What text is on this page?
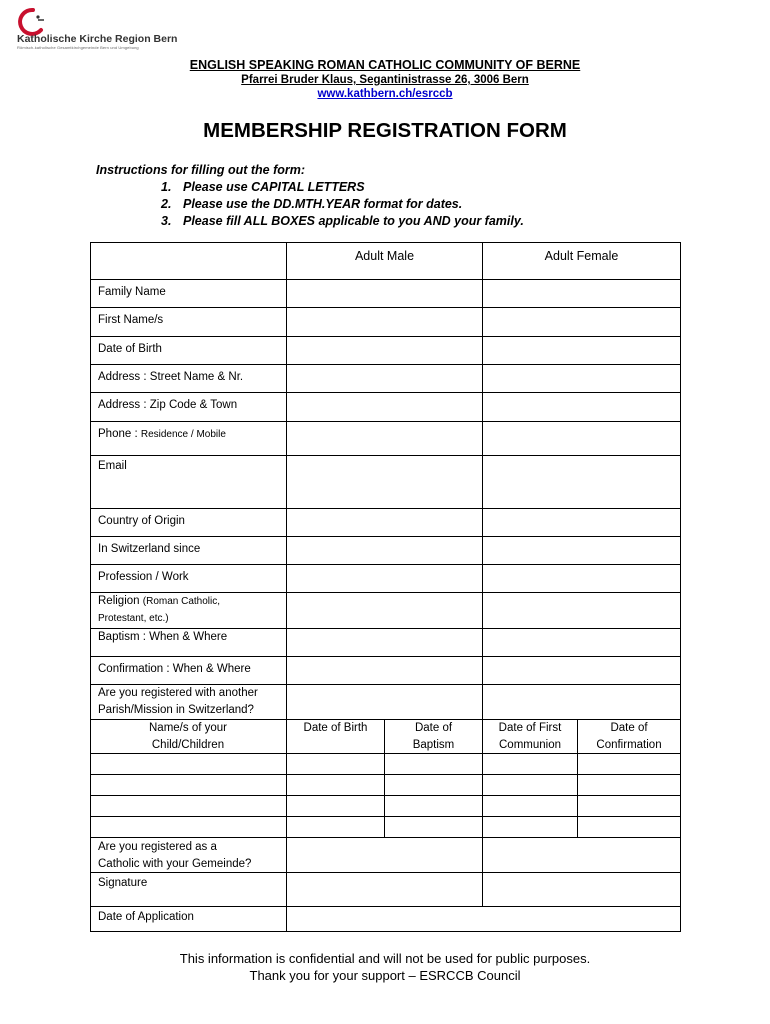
Katholische Kirche Region Bern
Römisch-katholische Gesamtkirchgemeinde Bern und Umgebung
ENGLISH SPEAKING ROMAN CATHOLIC COMMUNITY OF BERNE
Pfarrei Bruder Klaus, Segantinistrasse 26, 3006 Bern
www.kathbern.ch/esrccb
MEMBERSHIP REGISTRATION FORM
Instructions for filling out the form:
1. Please use CAPITAL LETTERS
2. Please use the DD.MTH.YEAR format for dates.
3. Please fill ALL BOXES applicable to you AND your family.
Adult Male	Adult Female
Family Name
First Name/s
Date of Birth
Address : Street Name & Nr.
Address : Zip Code & Town
Phone : Residence / Mobile
Email
Country of Origin
In Switzerland since
Profession / Work
Religion (Roman Catholic,
Protestant, etc.)
Baptism : When & Where
Confirmation : When & Where
Are you registered with another
Parish/Mission in Switzerland?
Name/s of your
Child/Children
Date of Birth	Date of
Baptism
Date of First
Communion
Date of
Confirmation
Are you registered as a
Catholic with your Gemeinde?
Signature
Date of Application
This information is confidential and will not be used for public purposes.
Thank you for your support – ESRCCB Council
